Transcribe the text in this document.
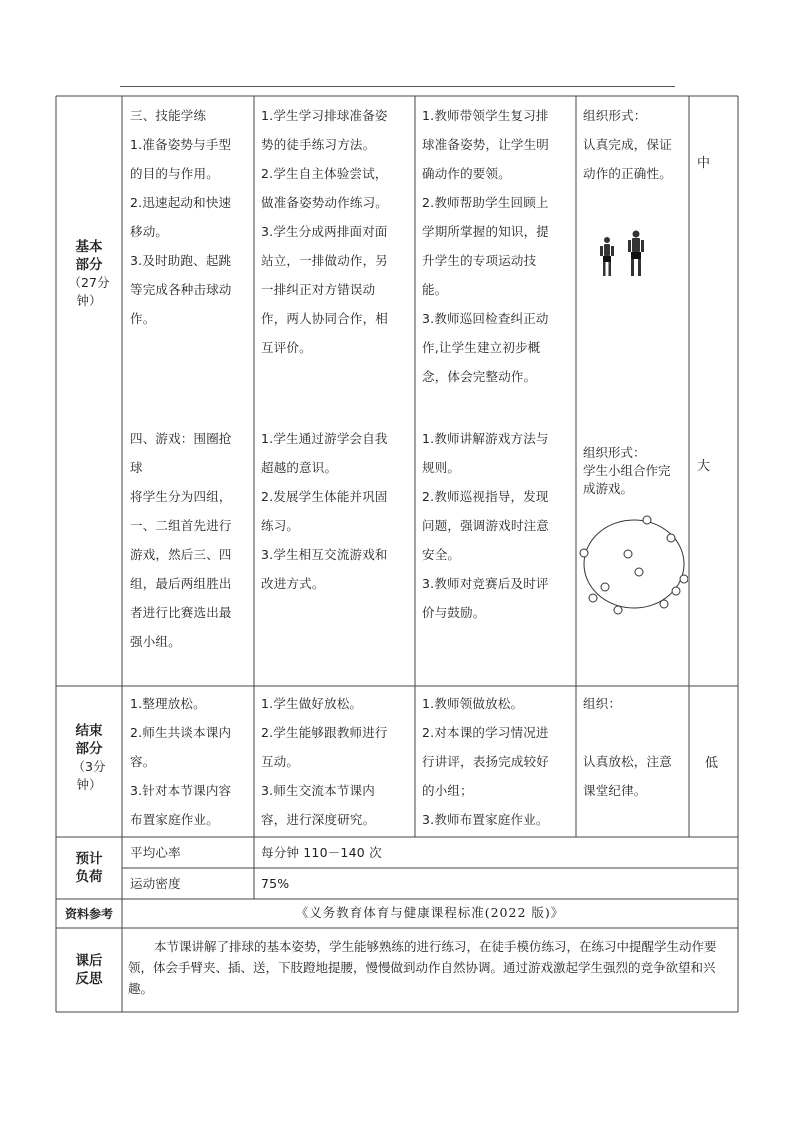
基本部分
（27分钟）
结束部分
（3分钟）
预计负荷
资料参考
课后反思

三、技能学练

1.准备姿势与手型

的目的与作用。

2.迅速起动和快速

移动。

3.及时助跑、起跳

等完成各种击球动

作。

1.学生学习排球准备姿

势的徒手练习方法。

2.学生自主体验尝试，

做准备姿势动作练习。

3.学生分成两排面对面

站立，一排做动作，另

一排纠正对方错误动

作，两人协同合作，相

互评价。

1.教师带领学生复习排

球准备姿势，让学生明

确动作的要领。

2.教师帮助学生回顾上

学期所掌握的知识，提

升学生的专项运动技

能。

3.教师巡回检查纠正动

作,让学生建立初步概

念，体会完整动作。

组织形式：

认真完成，保证

动作的正确性。

中

四、游戏：围圈抢

球

将学生分为四组，

一、二组首先进行

游戏，然后三、四

组，最后两组胜出

者进行比赛选出最

强小组。

1.学生通过游学会自我

超越的意识。

2.发展学生体能并巩固

练习。

3.学生相互交流游戏和

改进方式。

1.教师讲解游戏方法与

规则。

2.教师巡视指导，发现

问题，强调游戏时注意

安全。

3.教师对竞赛后及时评

价与鼓励。

组织形式：

学生小组合作完

成游戏。

大

1.整理放松。

2.师生共谈本课内

容。

3.针对本节课内容

布置家庭作业。

1.学生做好放松。

2.学生能够跟教师进行

互动。

3.师生交流本节课内

容，进行深度研究。

1.教师领做放松。

2.对本课的学习情况进

行讲评，表扬完成较好

的小组；

3.教师布置家庭作业。

组织：

认真放松，注意

课堂纪律。

低
平均心率	每分钟 110－140 次
运动密度	75%
《义务教育体育与健康课程标准(2022 版)》
本节课讲解了排球的基本姿势，学生能够熟练的进行练习，在徒手模仿练习，在练习中提醒学生动作要领，体会手臂夹、插、送，下肢蹬地提腰，慢慢做到动作自然协调。通过游戏激起学生强烈的竞争欲望和兴趣。
